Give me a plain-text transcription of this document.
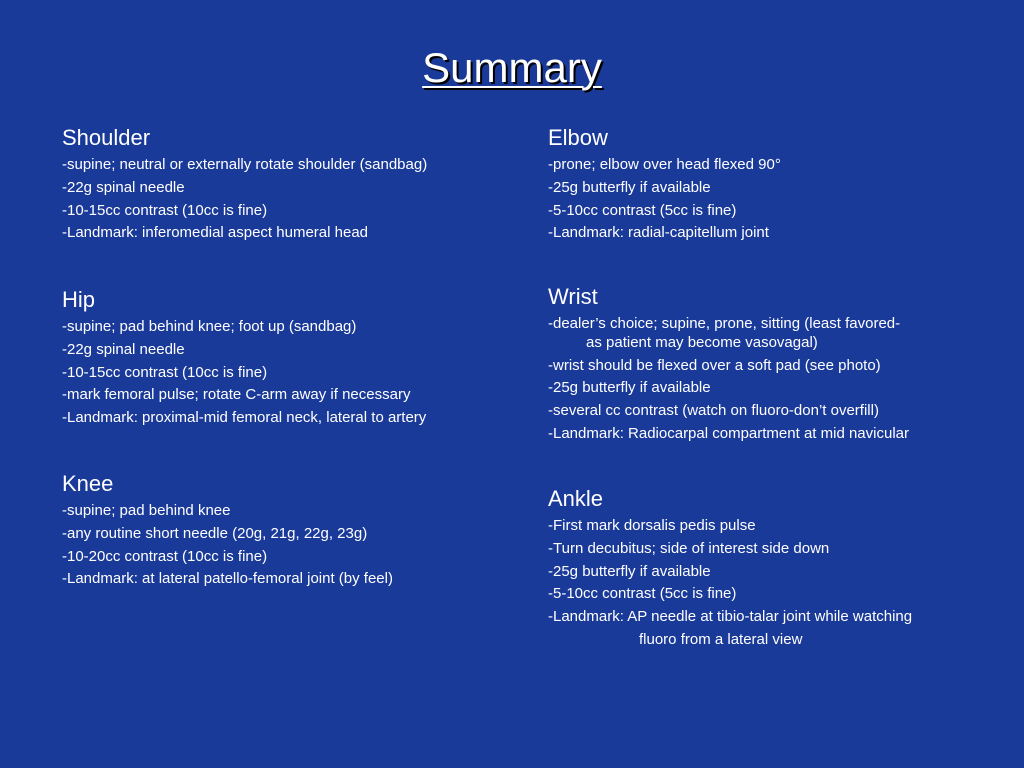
Summary
Shoulder
-supine; neutral or externally rotate shoulder (sandbag)
-22g spinal needle
-10-15cc contrast (10cc is fine)
-Landmark: inferomedial aspect humeral head
Hip
-supine; pad behind knee; foot up (sandbag)
-22g spinal needle
-10-15cc contrast (10cc is fine)
-mark femoral pulse; rotate C-arm away if necessary
-Landmark: proximal-mid femoral neck, lateral to artery
Knee
-supine; pad behind knee
-any routine short needle (20g, 21g, 22g, 23g)
-10-20cc contrast (10cc is fine)
-Landmark: at lateral patello-femoral joint (by feel)
Elbow
-prone; elbow over head flexed 90°
-25g butterfly if available
-5-10cc contrast (5cc is fine)
-Landmark: radial-capitellum joint
Wrist
-dealer’s choice; supine, prone, sitting (least favored-
as patient may become vasovagal)
-wrist should be flexed over a soft pad (see photo)
-25g butterfly if available
-several cc contrast (watch on fluoro-don’t overfill)
-Landmark: Radiocarpal compartment at mid navicular
Ankle
-First mark dorsalis pedis pulse
-Turn decubitus; side of interest side down
-25g butterfly if available
-5-10cc contrast (5cc is fine)
-Landmark: AP needle at tibio-talar joint while watching
fluoro from a lateral view
